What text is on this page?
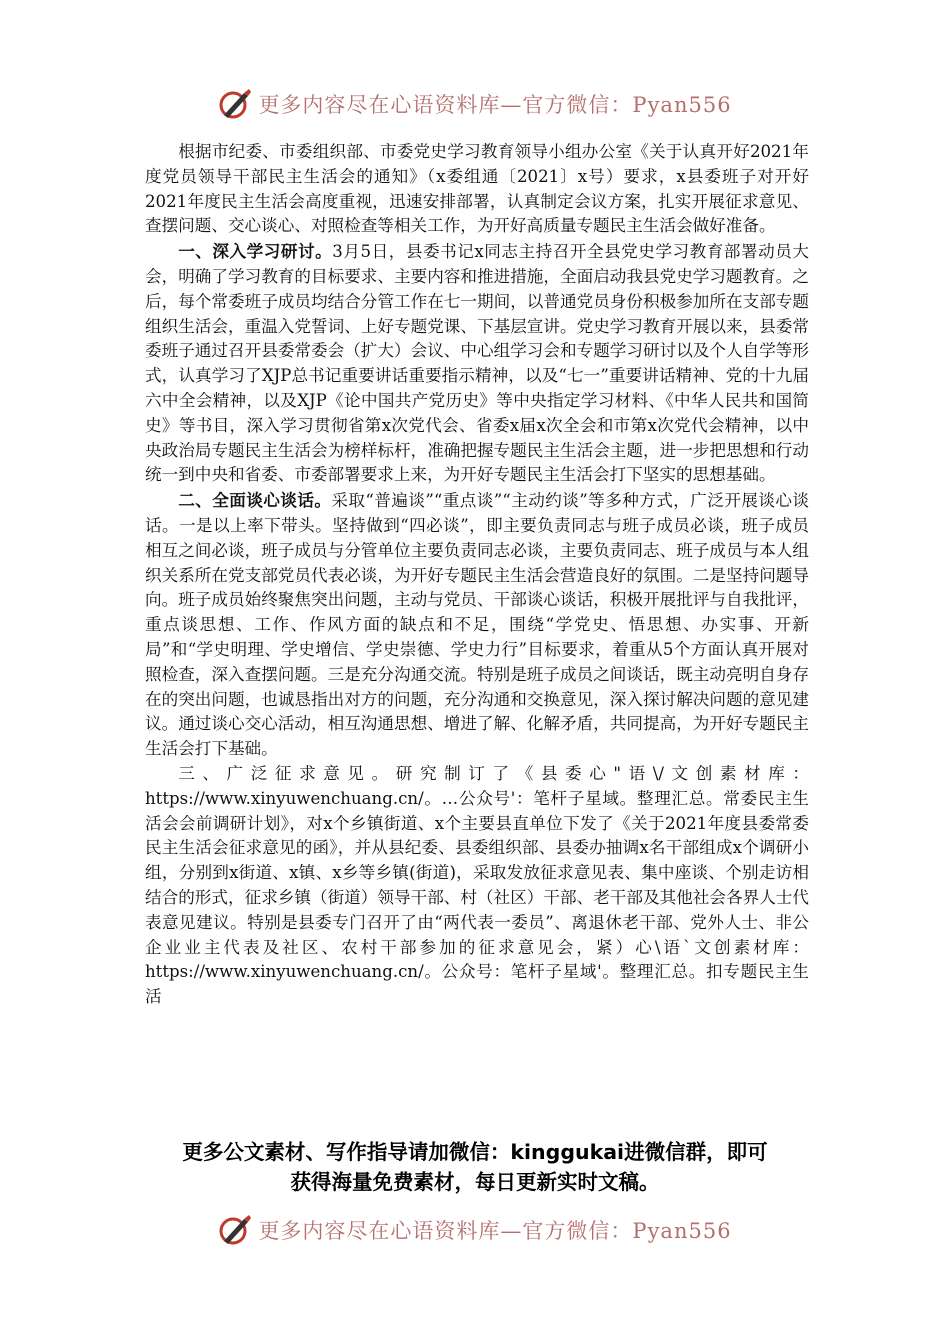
更多内容尽在心语资料库—官方微信：Pyan556

根据市纪委、市委组织部、市委党史学习教育领导小组办公室《关于认真开好2021年度党员领导干部民主生活会的通知》（x委组通〔2021〕x号）要求，x县委班子对开好2021年度民主生活会高度重视，迅速安排部署，认真制定会议方案，扎实开展征求意见、查摆问题、交心谈心、对照检查等相关工作，为开好高质量专题民主生活会做好准备。

一、深入学习研讨。3月5日，县委书记x同志主持召开全县党史学习教育部署动员大会，明确了学习教育的目标要求、主要内容和推进措施，全面启动我县党史学习题教育。之后，每个常委班子成员均结合分管工作在七一期间，以普通党员身份积极参加所在支部专题组织生活会，重温入党誓词、上好专题党课、下基层宣讲。党史学习教育开展以来，县委常委班子通过召开县委常委会（扩大）会议、中心组学习会和专题学习研讨以及个人自学等形式，认真学习了XJP总书记重要讲话重要指示精神，以及“七一”重要讲话精神、党的十九届六中全会精神，以及XJP《论中国共产党历史》等中央指定学习材料、《中华人民共和国简史》等书目，深入学习贯彻省第x次党代会、省委x届x次全会和市第x次党代会精神，以中央政治局专题民主生活会为榜样标杆，准确把握专题民主生活会主题，进一步把思想和行动统一到中央和省委、市委部署要求上来，为开好专题民主生活会打下坚实的思想基础。

二、全面谈心谈话。采取“普遍谈”“重点谈”“主动约谈”等多种方式，广泛开展谈心谈话。一是以上率下带头。坚持做到“四必谈”，即主要负责同志与班子成员必谈，班子成员相互之间必谈，班子成员与分管单位主要负责同志必谈，主要负责同志、班子成员与本人组织关系所在党支部党员代表必谈，为开好专题民主生活会营造良好的氛围。二是坚持问题导向。班子成员始终聚焦突出问题，主动与党员、干部谈心谈话，积极开展批评与自我批评，重点谈思想、工作、作风方面的缺点和不足，围绕“学党史、悟思想、办实事、开新局”和“学史明理、学史增信、学史崇德、学史力行”目标要求，着重从5个方面认真开展对照检查，深入查摆问题。三是充分沟通交流。特别是班子成员之间谈话，既主动亮明自身存在的突出问题，也诚恳指出对方的问题，充分沟通和交换意见，深入探讨解决问题的意见建议。通过谈心交心活动，相互沟通思想、增进了解、化解矛盾，共同提高，为开好专题民主生活会打下基础。

三、广泛征求意见。研究制订了《县委心"语\/文创素材库：https://www.xinyuwenchuang.cn/。…公众号'：笔杆子星域。整理汇总。常委民主生活会会前调研计划》，对x个乡镇街道、x个主要县直单位下发了《关于2021年度县委常委民主生活会征求意见的函》，并从县纪委、县委组织部、县委办抽调x名干部组成x个调研小组，分别到x街道、x镇、x乡等乡镇(街道)，采取发放征求意见表、集中座谈、个别走访相结合的形式，征求乡镇（街道）领导干部、村（社区）干部、老干部及其他社会各界人士代表意见建议。特别是县委专门召开了由“两代表一委员”、离退休老干部、党外人士、非公企业业主代表及社区、农村干部参加的征求意见会，紧）心\语`文创素材库：https://www.xinyuwenchuang.cn/。公众号：笔杆子星域'。整理汇总。扣专题民主生活

更多公文素材、写作指导请加微信：kinggukai进微信群，即可
获得海量免费素材，每日更新实时文稿。
更多内容尽在心语资料库—官方微信：Pyan556
